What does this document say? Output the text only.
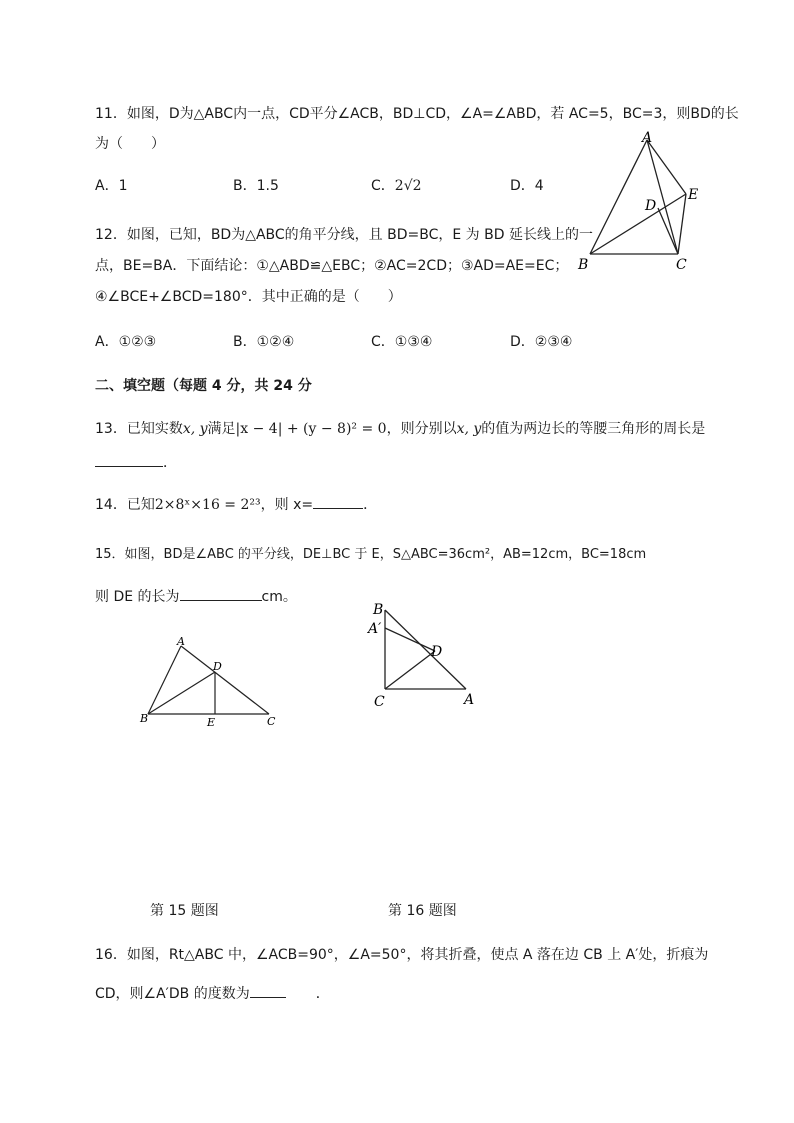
11．如图，D为△ABC内一点，CD平分∠ACB，BD⊥CD，∠A=∠ABD，若 AC=5，BC=3，则BD的长
为（　　）
A．1	B．1.5	C．2√2	D．4
A
B	C
D
E
12．如图，已知，BD为△ABC的角平分线，且 BD=BC，E 为 BD 延长线上的一
点，BE=BA．下面结论：①△ABD≌△EBC；②AC=2CD；③AD=AE=EC；
④∠BCE+∠BCD=180°．其中正确的是（　　）
A．①②③	B．①②④	C．①③④	D．②③④
二、填空题（每题 4 分，共 24 分
13．已知实数x, y满足|x − 4| + (y − 8)² = 0，则分别以x, y的值为两边长的等腰三角形的周长是
．
14．已知2×8ˣ×16 = 2²³，则 x=	．
15．如图，BD是∠ABC 的平分线，DE⊥BC 于 E，S△ABC=36cm²，AB=12cm，BC=18cm
则 DE 的长为	cm。
A
B	C
D
E
B
A′
C
D
A
第 15 题图	第 16 题图
16．如图，Rt△ABC 中，∠ACB=90°，∠A=50°，将其折叠，使点 A 落在边 CB 上 A′处，折痕为
CD，则∠A′DB 的度数为	．
